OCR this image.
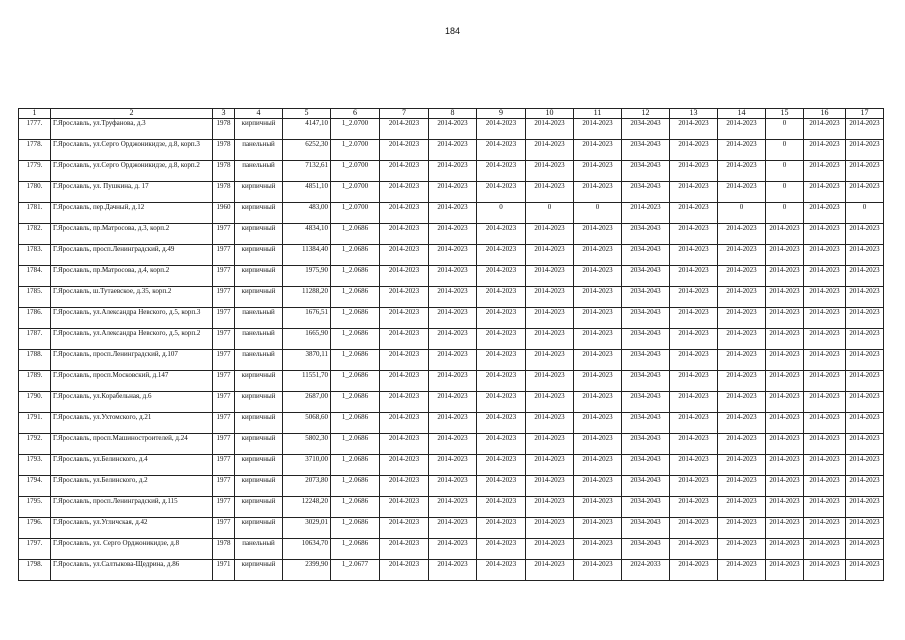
184
1	2	3	4	5	6	7	8	9	10	11	12	13	14	15	16	17
1777.	Г.Ярославль, ул.Труфанова, д.3	1978	кирпичный	4147,10	1_2.0700	2014-2023	2014-2023	2014-2023	2014-2023	2014-2023	2034-2043	2014-2023	2014-2023	0	2014-2023	2014-2023
1778.	Г.Ярославль, ул.Серго Орджоникидзе, д.8, корп.3	1978	панельный	6252,30	1_2.0700	2014-2023	2014-2023	2014-2023	2014-2023	2014-2023	2034-2043	2014-2023	2014-2023	0	2014-2023	2014-2023
1779.	Г.Ярославль, ул.Серго Орджоникидзе, д.8, корп.2	1978	панельный	7132,61	1_2.0700	2014-2023	2014-2023	2014-2023	2014-2023	2014-2023	2034-2043	2014-2023	2014-2023	0	2014-2023	2014-2023
1780.	Г.Ярославль, ул. Пушкина, д. 17	1978	кирпичный	4851,10	1_2.0700	2014-2023	2014-2023	2014-2023	2014-2023	2014-2023	2034-2043	2014-2023	2014-2023	0	2014-2023	2014-2023
1781.	Г.Ярославль, пер.Дачный, д.12	1960	кирпичный	483,00	1_2.0700	2014-2023	2014-2023	0	0	0	2014-2023	2014-2023	0	0	2014-2023	0
1782.	Г.Ярославль, пр.Матросова, д.3, корп.2	1977	кирпичный	4834,10	1_2.0686	2014-2023	2014-2023	2014-2023	2014-2023	2014-2023	2034-2043	2014-2023	2014-2023	2014-2023	2014-2023	2014-2023
1783.	Г.Ярославль, просп.Ленинградский, д.49	1977	кирпичный	11384,40	1_2.0686	2014-2023	2014-2023	2014-2023	2014-2023	2014-2023	2034-2043	2014-2023	2014-2023	2014-2023	2014-2023	2014-2023
1784.	Г.Ярославль, пр.Матросова, д.4, корп.2	1977	кирпичный	1975,90	1_2.0686	2014-2023	2014-2023	2014-2023	2014-2023	2014-2023	2034-2043	2014-2023	2014-2023	2014-2023	2014-2023	2014-2023
1785.	Г.Ярославль, ш.Тутаевское, д.35, корп.2	1977	кирпичный	11288,20	1_2.0686	2014-2023	2014-2023	2014-2023	2014-2023	2014-2023	2034-2043	2014-2023	2014-2023	2014-2023	2014-2023	2014-2023
1786.	Г.Ярославль, ул.Александра Невского, д.5, корп.3	1977	панельный	1676,51	1_2.0686	2014-2023	2014-2023	2014-2023	2014-2023	2014-2023	2034-2043	2014-2023	2014-2023	2014-2023	2014-2023	2014-2023
1787.	Г.Ярославль, ул.Александра Невского, д.5, корп.2	1977	панельный	1665,90	1_2.0686	2014-2023	2014-2023	2014-2023	2014-2023	2014-2023	2034-2043	2014-2023	2014-2023	2014-2023	2014-2023	2014-2023
1788.	Г.Ярославль, просп.Ленинградский, д.107	1977	панельный	3870,11	1_2.0686	2014-2023	2014-2023	2014-2023	2014-2023	2014-2023	2034-2043	2014-2023	2014-2023	2014-2023	2014-2023	2014-2023
1789.	Г.Ярославль, просп.Московский, д.147	1977	кирпичный	11551,70	1_2.0686	2014-2023	2014-2023	2014-2023	2014-2023	2014-2023	2034-2043	2014-2023	2014-2023	2014-2023	2014-2023	2014-2023
1790.	Г.Ярославль, ул.Корабельная, д.6	1977	кирпичный	2687,00	1_2.0686	2014-2023	2014-2023	2014-2023	2014-2023	2014-2023	2034-2043	2014-2023	2014-2023	2014-2023	2014-2023	2014-2023
1791.	Г.Ярославль, ул.Ухтомского, д.21	1977	кирпичный	5068,60	1_2.0686	2014-2023	2014-2023	2014-2023	2014-2023	2014-2023	2034-2043	2014-2023	2014-2023	2014-2023	2014-2023	2014-2023
1792.	Г.Ярославль, просп.Машиностроителей, д.24	1977	кирпичный	5802,30	1_2.0686	2014-2023	2014-2023	2014-2023	2014-2023	2014-2023	2034-2043	2014-2023	2014-2023	2014-2023	2014-2023	2014-2023
1793.	Г.Ярославль, ул.Белинского, д.4	1977	кирпичный	3710,00	1_2.0686	2014-2023	2014-2023	2014-2023	2014-2023	2014-2023	2034-2043	2014-2023	2014-2023	2014-2023	2014-2023	2014-2023
1794.	Г.Ярославль, ул.Белинского, д.2	1977	кирпичный	2073,80	1_2.0686	2014-2023	2014-2023	2014-2023	2014-2023	2014-2023	2034-2043	2014-2023	2014-2023	2014-2023	2014-2023	2014-2023
1795.	Г.Ярославль, просп.Ленинградский, д.115	1977	кирпичный	12248,20	1_2.0686	2014-2023	2014-2023	2014-2023	2014-2023	2014-2023	2034-2043	2014-2023	2014-2023	2014-2023	2014-2023	2014-2023
1796.	Г.Ярославль, ул.Угличская, д.42	1977	кирпичный	3029,01	1_2.0686	2014-2023	2014-2023	2014-2023	2014-2023	2014-2023	2034-2043	2014-2023	2014-2023	2014-2023	2014-2023	2014-2023
1797.	Г.Ярославль, ул. Серго Орджоникидзе, д.8	1978	панельный	10634,70	1_2.0686	2014-2023	2014-2023	2014-2023	2014-2023	2014-2023	2034-2043	2014-2023	2014-2023	2014-2023	2014-2023	2014-2023
1798.	Г.Ярославль, ул.Салтыкова-Щедрина, д.86	1971	кирпичный	2399,90	1_2.0677	2014-2023	2014-2023	2014-2023	2014-2023	2014-2023	2024-2033	2014-2023	2014-2023	2014-2023	2014-2023	2014-2023
